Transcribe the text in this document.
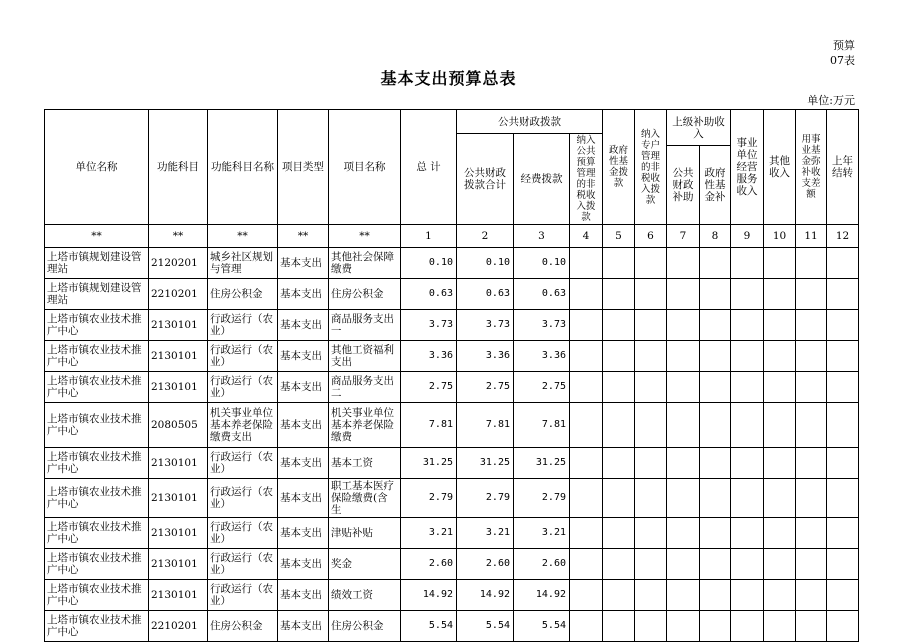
预算
07表
基本支出预算总表
单位:万元
单位名称	功能科目	功能科目名称	项目类型	项目名称	总 计	公共财政拨款			政府性基金拨款	纳入专户管理的非税收入拨款	上级补助收入		事业单位经营服务收入	其他收入	用事业基金弥补收支差额	上年结转
						公共财政拨款合计	经费拨款	纳入公共预算管理的非税收入拨款								
											公共财政补助	政府性基金补				
**	**	**	**	**	1	2	3	4	5	6	7	8	9	10	11	12
上塔市镇规划建设管理站	2120201	城乡社区规划与管理	基本支出	其他社会保障缴费	0.10	0.10	0.10									
上塔市镇规划建设管理站	2210201	住房公积金	基本支出	住房公积金	0.63	0.63	0.63									
上塔市镇农业技术推广中心	2130101	行政运行（农业）	基本支出	商品服务支出一	3.73	3.73	3.73									
上塔市镇农业技术推广中心	2130101	行政运行（农业）	基本支出	其他工资福利支出	3.36	3.36	3.36									
上塔市镇农业技术推广中心	2130101	行政运行（农业）	基本支出	商品服务支出二	2.75	2.75	2.75									
上塔市镇农业技术推广中心	2080505	机关事业单位基本养老保险缴费支出	基本支出	机关事业单位基本养老保险缴费	7.81	7.81	7.81									
上塔市镇农业技术推广中心	2130101	行政运行（农业）	基本支出	基本工资	31.25	31.25	31.25									
上塔市镇农业技术推广中心	2130101	行政运行（农业）	基本支出	职工基本医疗保险缴费(含生	2.79	2.79	2.79									
上塔市镇农业技术推广中心	2130101	行政运行（农业）	基本支出	津贴补贴	3.21	3.21	3.21									
上塔市镇农业技术推广中心	2130101	行政运行（农业）	基本支出	奖金	2.60	2.60	2.60									
上塔市镇农业技术推广中心	2130101	行政运行（农业）	基本支出	绩效工资	14.92	14.92	14.92									
上塔市镇农业技术推广中心	2210201	住房公积金	基本支出	住房公积金	5.54	5.54	5.54									
